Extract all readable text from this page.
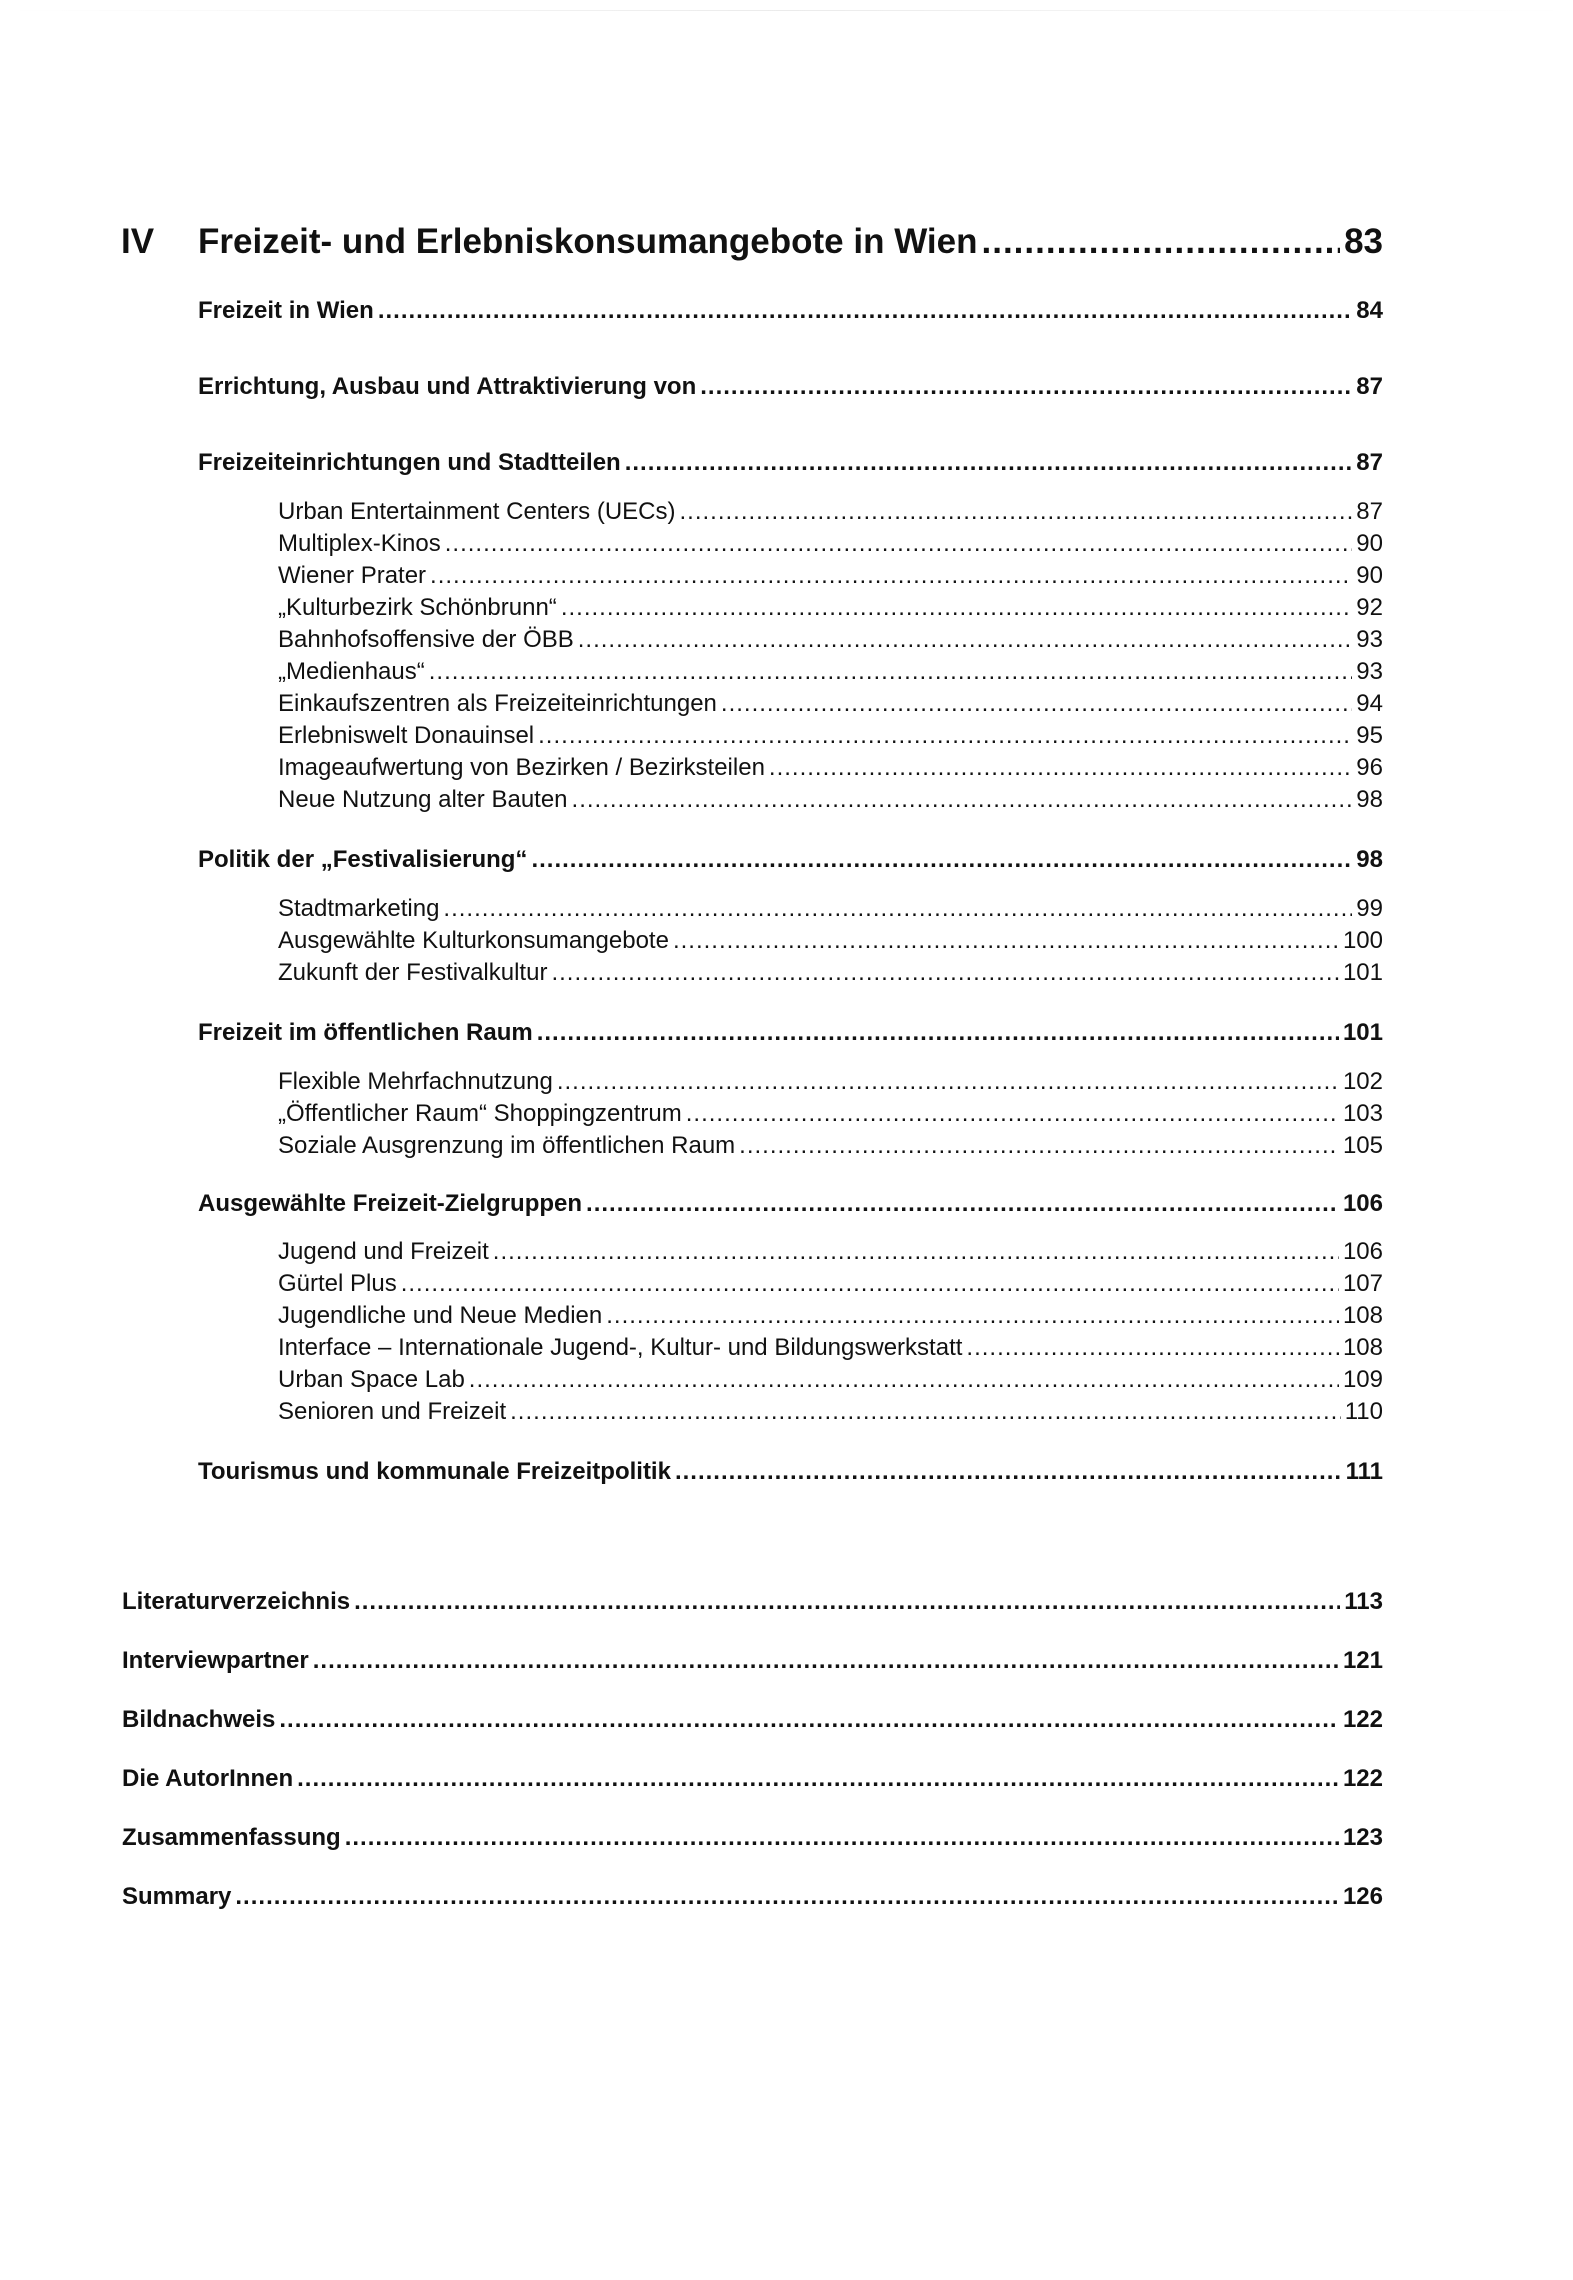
IV Freizeit- und Erlebniskonsumangebote in Wien .....	83
Freizeit in Wien .....	84
Errichtung, Ausbau und Attraktivierung von .....	87
Freizeiteinrichtungen und Stadtteilen .....	87
Urban Entertainment Centers (UECs) .....	87
Multiplex-Kinos .....	90
Wiener Prater .....	90
„Kulturbezirk Schönbrunn“ .....	92
Bahnhofsoffensive der ÖBB .....	93
„Medienhaus“ .....	93
Einkaufszentren als Freizeiteinrichtungen .....	94
Erlebniswelt Donauinsel .....	95
Imageaufwertung von Bezirken / Bezirksteilen .....	96
Neue Nutzung alter Bauten .....	98
Politik der „Festivalisierung“ .....	98
Stadtmarketing .....	99
Ausgewählte Kulturkonsumangebote .....	100
Zukunft der Festivalkultur .....	101
Freizeit im öffentlichen Raum .....	101
Flexible Mehrfachnutzung .....	102
„Öffentlicher Raum“ Shoppingzentrum .....	103
Soziale Ausgrenzung im öffentlichen Raum .....	105
Ausgewählte Freizeit-Zielgruppen .....	106
Jugend und Freizeit .....	106
Gürtel Plus .....	107
Jugendliche und Neue Medien .....	108
Interface – Internationale Jugend-, Kultur- und Bildungswerkstatt .....	108
Urban Space Lab .....	109
Senioren und Freizeit .....	110
Tourismus und kommunale Freizeitpolitik .....	111
Literaturverzeichnis .....	113
Interviewpartner .....	121
Bildnachweis .....	122
Die AutorInnen .....	122
Zusammenfassung .....	123
Summary .....	126
